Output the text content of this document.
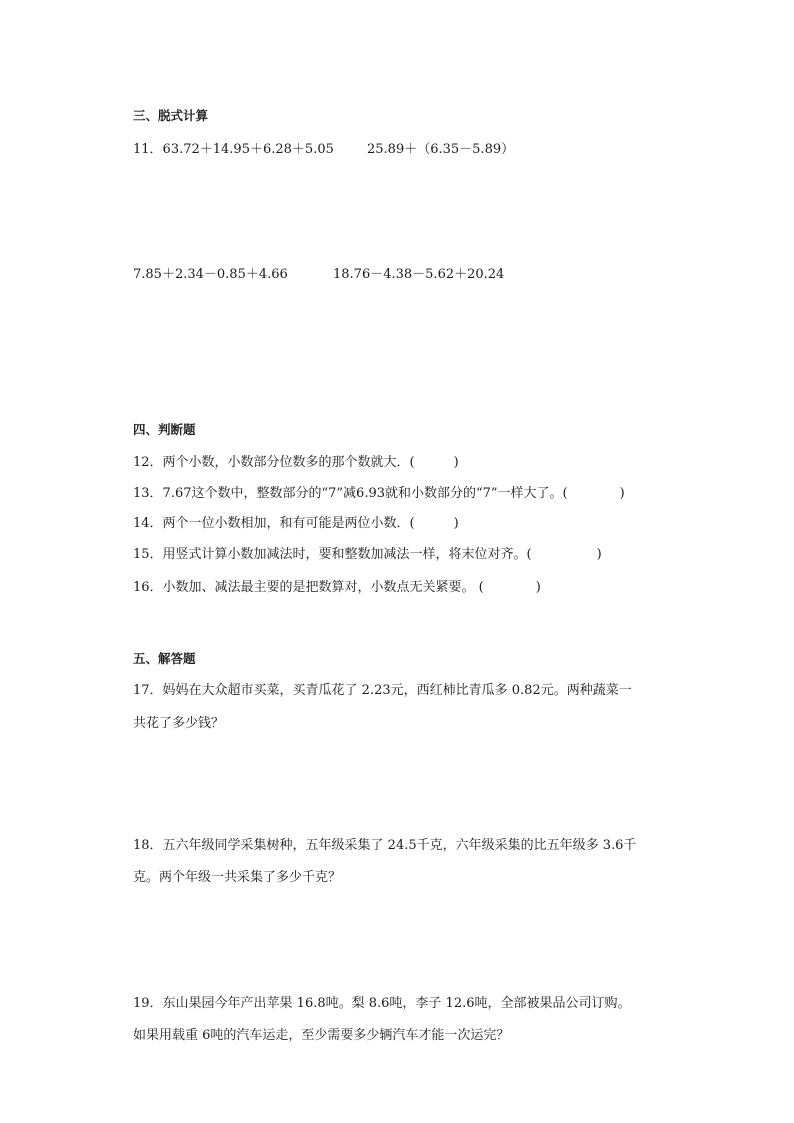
三、脱式计算
11．63.72＋14.95＋6.28＋5.05	25.89＋（6.35－5.89）
7.85＋2.34－0.85＋4.66	18.76－4.38－5.62＋20.24
四、判断题
12．两个小数，小数部分位数多的那个数就大．(　　　)
13．7.67这个数中，整数部分的“7”减6.93就和小数部分的“7”一样大了。(　　　　)
14．两个一位小数相加，和有可能是两位小数．(　　　)
15．用竖式计算小数加减法时，要和整数加减法一样，将末位对齐。(　　　　　)
16．小数加、减法最主要的是把数算对，小数点无关紧要。 (　　　　)
五、解答题
17．妈妈在大众超市买菜，买青瓜花了 2.23元，西红柿比青瓜多 0.82元。两种蔬菜一
共花了多少钱？
18．五六年级同学采集树种，五年级采集了 24.5千克，六年级采集的比五年级多 3.6千
克。两个年级一共采集了多少千克？
19．东山果园今年产出苹果 16.8吨。梨 8.6吨，李子 12.6吨，全部被果品公司订购。
如果用载重 6吨的汽车运走，至少需要多少辆汽车才能一次运完？
